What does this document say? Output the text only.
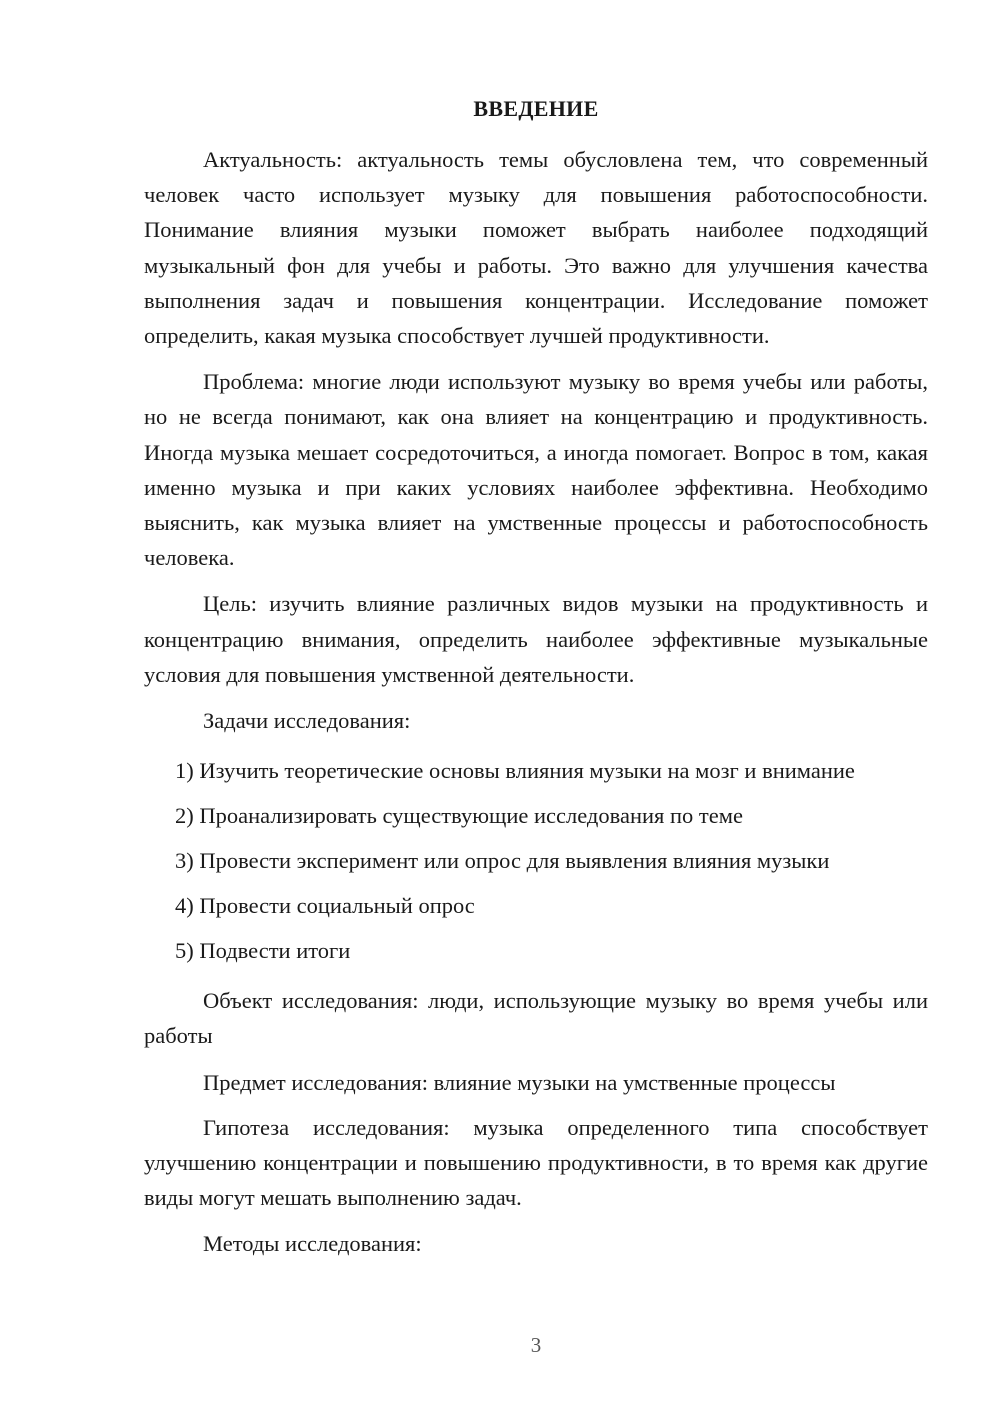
ВВЕДЕНИЕ

Актуальность: актуальность темы обусловлена тем, что современный человек часто использует музыку для повышения работоспособности. Понимание влияния музыки поможет выбрать наиболее подходящий музыкальный фон для учебы и работы. Это важно для улучшения качества выполнения задач и повышения концентрации. Исследование поможет определить, какая музыка способствует лучшей продуктивности.

Проблема: многие люди используют музыку во время учебы или работы, но не всегда понимают, как она влияет на концентрацию и продуктивность. Иногда музыка мешает сосредоточиться, а иногда помогает. Вопрос в том, какая именно музыка и при каких условиях наиболее эффективна. Необходимо выяснить, как музыка влияет на умственные процессы и работоспособность человека.

Цель: изучить влияние различных видов музыки на продуктивность и концентрацию внимания, определить наиболее эффективные музыкальные условия для повышения умственной деятельности.

Задачи исследования:

1) Изучить теоретические основы влияния музыки на мозг и внимание
2) Проанализировать существующие исследования по теме
3) Провести эксперимент или опрос для выявления влияния музыки
4) Провести социальный опрос
5) Подвести итоги

Объект исследования: люди, использующие музыку во время учебы или работы

Предмет исследования: влияние музыки на умственные процессы

Гипотеза исследования: музыка определенного типа способствует улучшению концентрации и повышению продуктивности, в то время как другие виды могут мешать выполнению задач.

Методы исследования:

3
